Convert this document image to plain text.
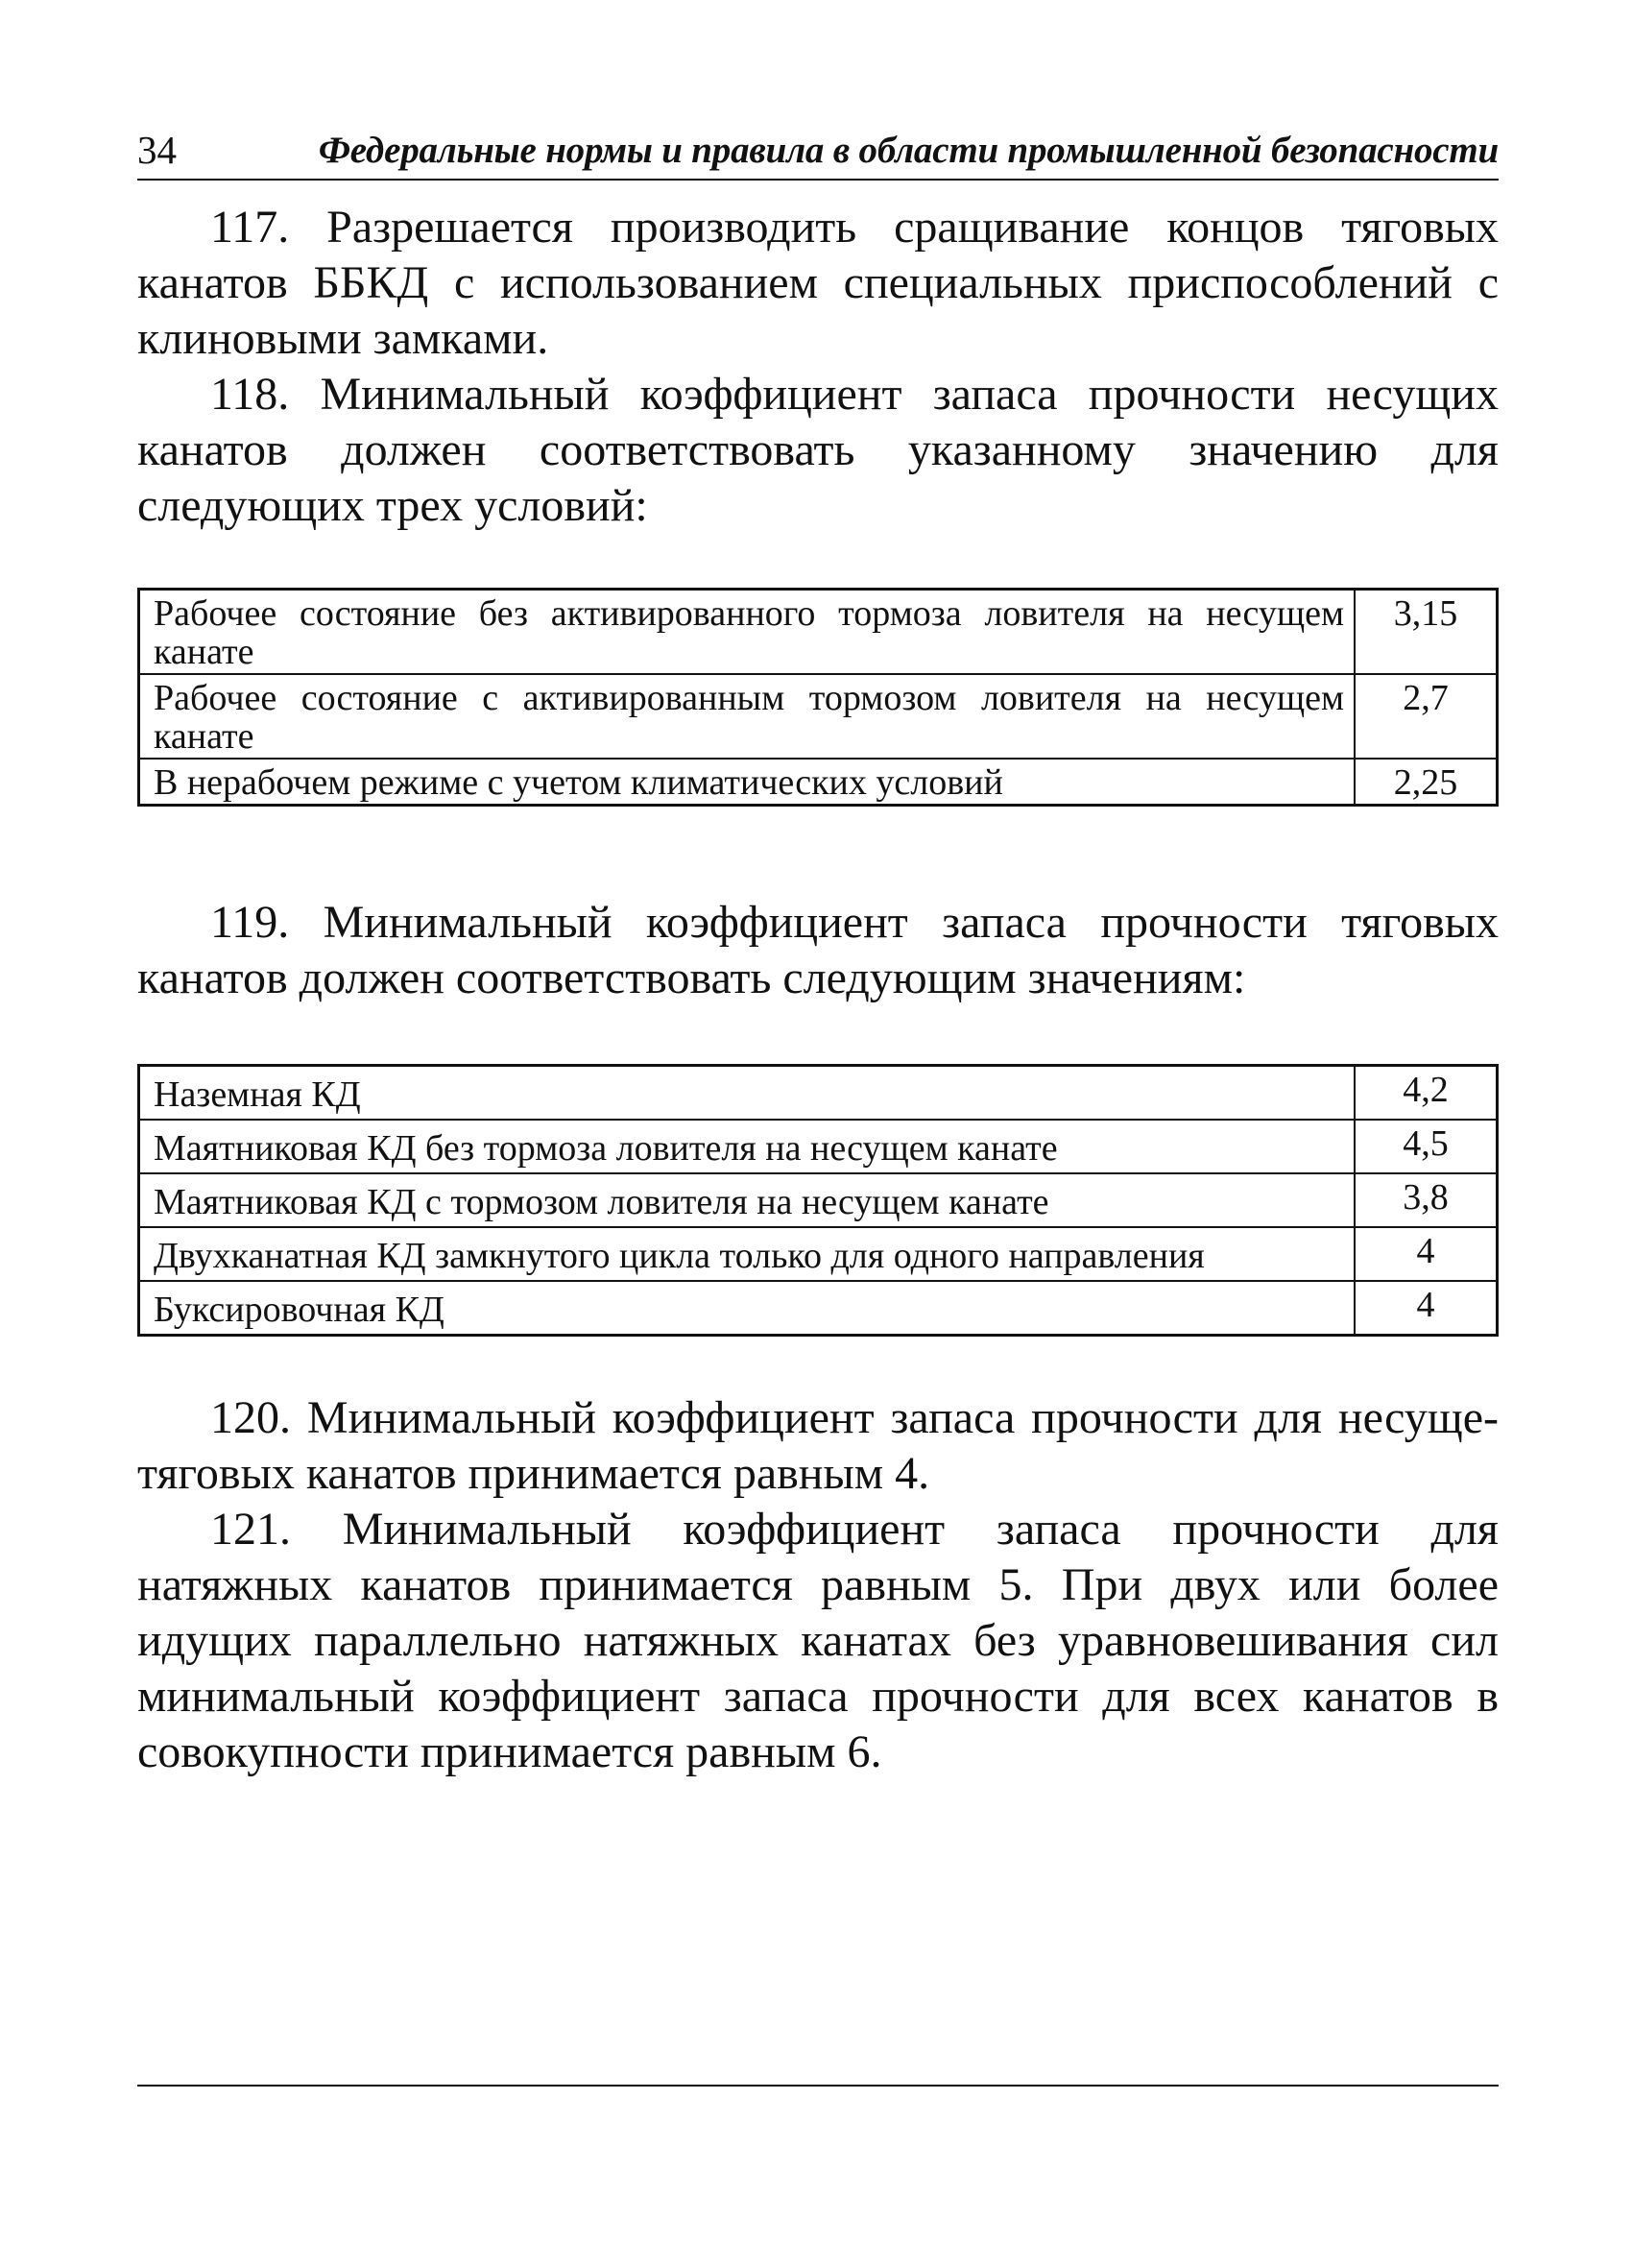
34	Федеральные нормы и правила в области промышленной безопасности

117. Разрешается производить сращивание концов тяговых канатов ББКД с использованием специальных приспособлений с клиновыми замками.

118. Минимальный коэффициент запаса прочности несущих канатов должен соответствовать указанному значению для следующих трех условий:

Рабочее состояние без активированного тормоза ловителя на несущем канате	3,15
Рабочее состояние с активированным тормозом ловителя на несущем канате	2,7
В нерабочем режиме с учетом климатических условий	2,25

119. Минимальный коэффициент запаса прочности тяговых канатов должен соответствовать следующим значениям:

Наземная КД	4,2
Маятниковая КД без тормоза ловителя на несущем канате	4,5
Маятниковая КД с тормозом ловителя на несущем канате	3,8
Двухканатная КД замкнутого цикла только для одного направления	4
Буксировочная КД	4

120. Минимальный коэффициент запаса прочности для несуще-тяговых канатов принимается равным 4.

121. Минимальный коэффициент запаса прочности для натяжных канатов принимается равным 5. При двух или более идущих параллельно натяжных канатах без уравновешивания сил минимальный коэффициент запаса прочности для всех канатов в совокупности принимается равным 6.
